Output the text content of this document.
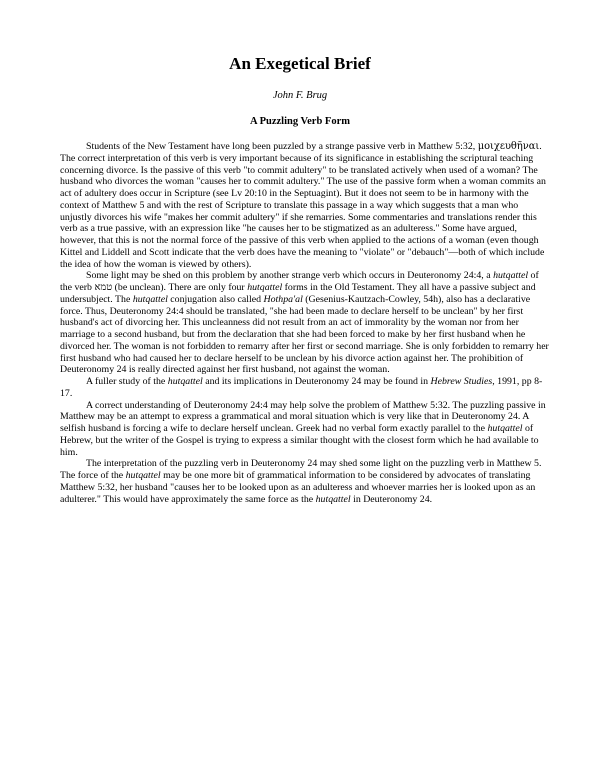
An Exegetical Brief
John F. Brug
A Puzzling Verb Form

Students of the New Testament have long been puzzled by a strange passive verb in Matthew 5:32, μοιχευθῆναι. The correct interpretation of this verb is very important because of its significance in establishing the scriptural teaching concerning divorce. Is the passive of this verb "to commit adultery" to be translated actively when used of a woman? The husband who divorces the woman "causes her to commit adultery." The use of the passive form when a woman commits an act of adultery does occur in Scripture (see Lv 20:10 in the Septuagint). But it does not seem to be in harmony with the context of Matthew 5 and with the rest of Scripture to translate this passage in a way which suggests that a man who unjustly divorces his wife "makes her commit adultery" if she remarries. Some commentaries and translations render this verb as a true passive, with an expression like "he causes her to be stigmatized as an adulteress." Some have argued, however, that this is not the normal force of the passive of this verb when applied to the actions of a woman (even though Kittel and Liddell and Scott indicate that the verb does have the meaning to "violate" or "debauch"—both of which include the idea of how the woman is viewed by others).

Some light may be shed on this problem by another strange verb which occurs in Deuteronomy 24:4, a hutqattel of the verb טמא (be unclean). There are only four hutqattel forms in the Old Testament. They all have a passive subject and undersubject. The hutqattel conjugation also called Hothpa'al (Gesenius-Kautzach-Cowley, 54h), also has a declarative force. Thus, Deuteronomy 24:4 should be translated, "she had been made to declare herself to be unclean" by her first husband's act of divorcing her. This uncleanness did not result from an act of immorality by the woman nor from her marriage to a second husband, but from the declaration that she had been forced to make by her first husband when he divorced her. The woman is not forbidden to remarry after her first or second marriage. She is only forbidden to remarry her first husband who had caused her to declare herself to be unclean by his divorce action against her. The prohibition of Deuteronomy 24 is really directed against her first husband, not against the woman.

A fuller study of the hutqattel and its implications in Deuteronomy 24 may be found in Hebrew Studies, 1991, pp 8-17.

A correct understanding of Deuteronomy 24:4 may help solve the problem of Matthew 5:32. The puzzling passive in Matthew may be an attempt to express a grammatical and moral situation which is very like that in Deuteronomy 24. A selfish husband is forcing a wife to declare herself unclean. Greek had no verbal form exactly parallel to the hutqattel of Hebrew, but the writer of the Gospel is trying to express a similar thought with the closest form which he had available to him.

The interpretation of the puzzling verb in Deuteronomy 24 may shed some light on the puzzling verb in Matthew 5. The force of the hutqattel may be one more bit of grammatical information to be considered by advocates of translating Matthew 5:32, her husband "causes her to be looked upon as an adulteress and whoever marries her is looked upon as an adulterer." This would have approximately the same force as the hutqattel in Deuteronomy 24.
